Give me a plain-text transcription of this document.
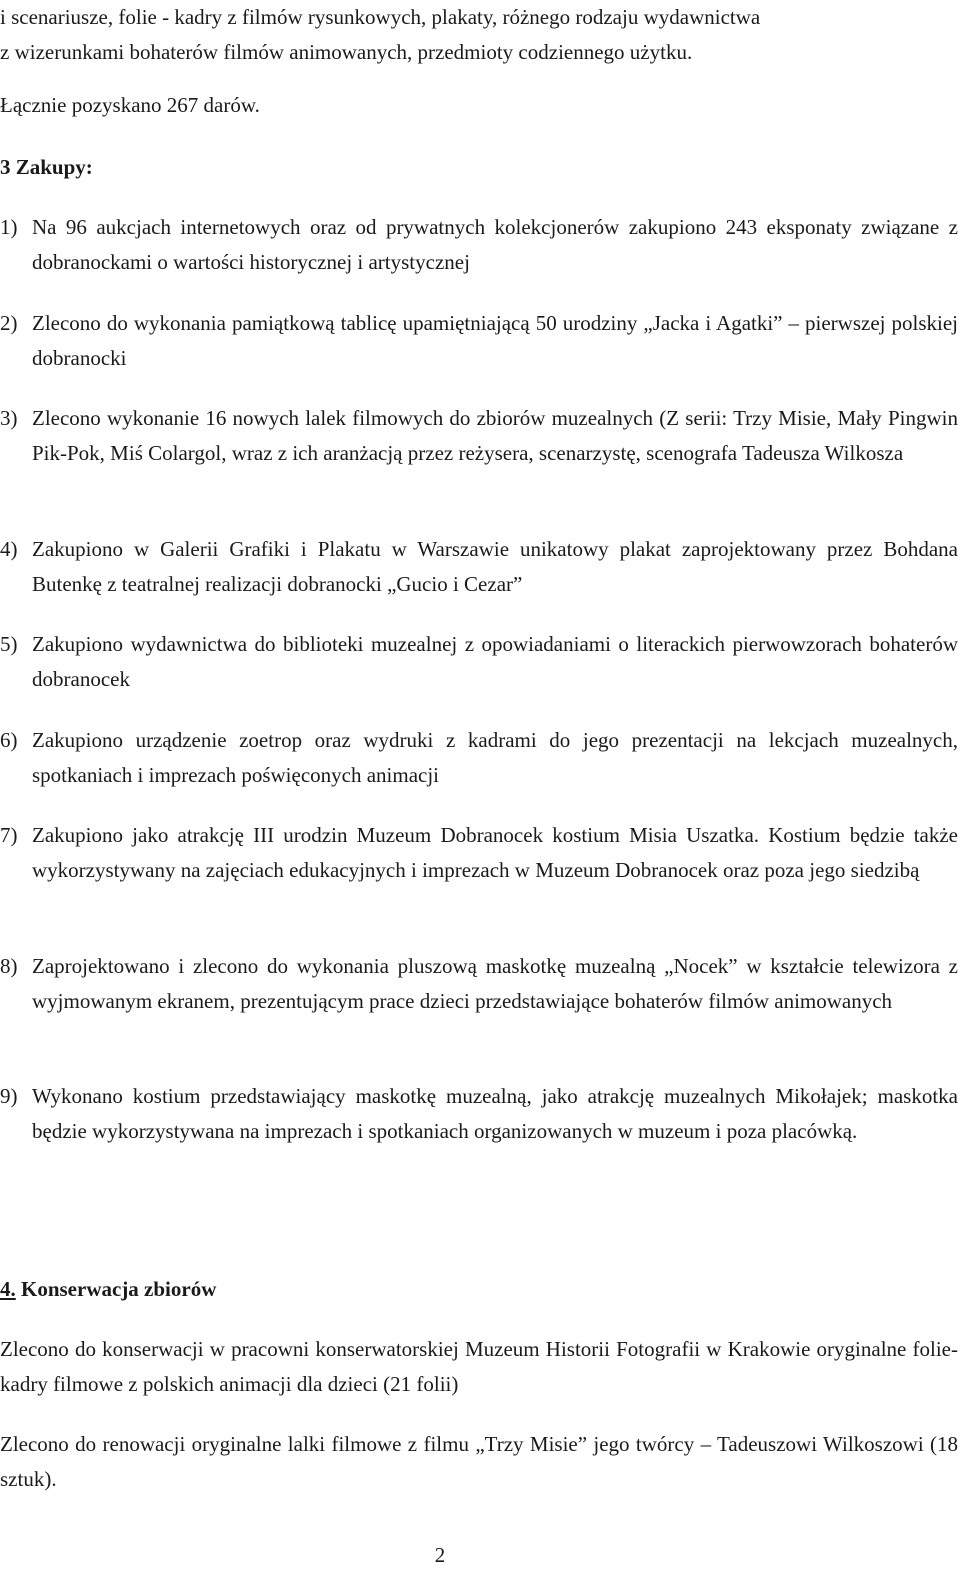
i scenariusze, folie - kadry z filmów rysunkowych, plakaty, różnego rodzaju wydawnictwa

z wizerunkami bohaterów filmów animowanych, przedmioty codziennego użytku.

Łącznie pozyskano 267 darów.

3 Zakupy:

1) Na 96 aukcjach internetowych oraz od prywatnych kolekcjonerów zakupiono 243 eksponaty związane z dobranockami o wartości historycznej i artystycznej
2) Zlecono do wykonania pamiątkową tablicę upamiętniającą 50 urodziny „Jacka i Agatki” – pierwszej polskiej dobranocki
3) Zlecono wykonanie 16 nowych lalek filmowych do zbiorów muzealnych (Z serii: Trzy Misie, Mały Pingwin Pik-Pok, Miś Colargol, wraz z ich aranżacją przez reżysera, scenarzystę, scenografa Tadeusza Wilkosza
4) Zakupiono w Galerii Grafiki i Plakatu w Warszawie unikatowy plakat zaprojektowany przez Bohdana Butenkę z teatralnej realizacji dobranocki „Gucio i Cezar”
5) Zakupiono wydawnictwa do biblioteki muzealnej z opowiadaniami o literackich pierwowzorach bohaterów dobranocek
6) Zakupiono urządzenie zoetrop oraz wydruki z kadrami do jego prezentacji na lekcjach muzealnych, spotkaniach i imprezach poświęconych animacji
7) Zakupiono jako atrakcję III urodzin Muzeum Dobranocek kostium Misia Uszatka. Kostium będzie także wykorzystywany na zajęciach edukacyjnych i imprezach w Muzeum Dobranocek oraz poza jego siedzibą
8) Zaprojektowano i zlecono do wykonania pluszową maskotkę muzealną „Nocek” w kształcie telewizora z wyjmowanym ekranem, prezentującym prace dzieci przedstawiające bohaterów filmów animowanych
9) Wykonano kostium przedstawiający maskotkę muzealną, jako atrakcję muzealnych Mikołajek; maskotka będzie wykorzystywana na imprezach i spotkaniach organizowanych w muzeum i poza placówką.

4. Konserwacja zbiorów

Zlecono do konserwacji w pracowni konserwatorskiej Muzeum Historii Fotografii w Krakowie oryginalne folie-kadry filmowe z polskich animacji dla dzieci (21 folii)

Zlecono do renowacji oryginalne lalki filmowe z filmu „Trzy Misie” jego twórcy – Tadeuszowi Wilkoszowi (18 sztuk).

2
